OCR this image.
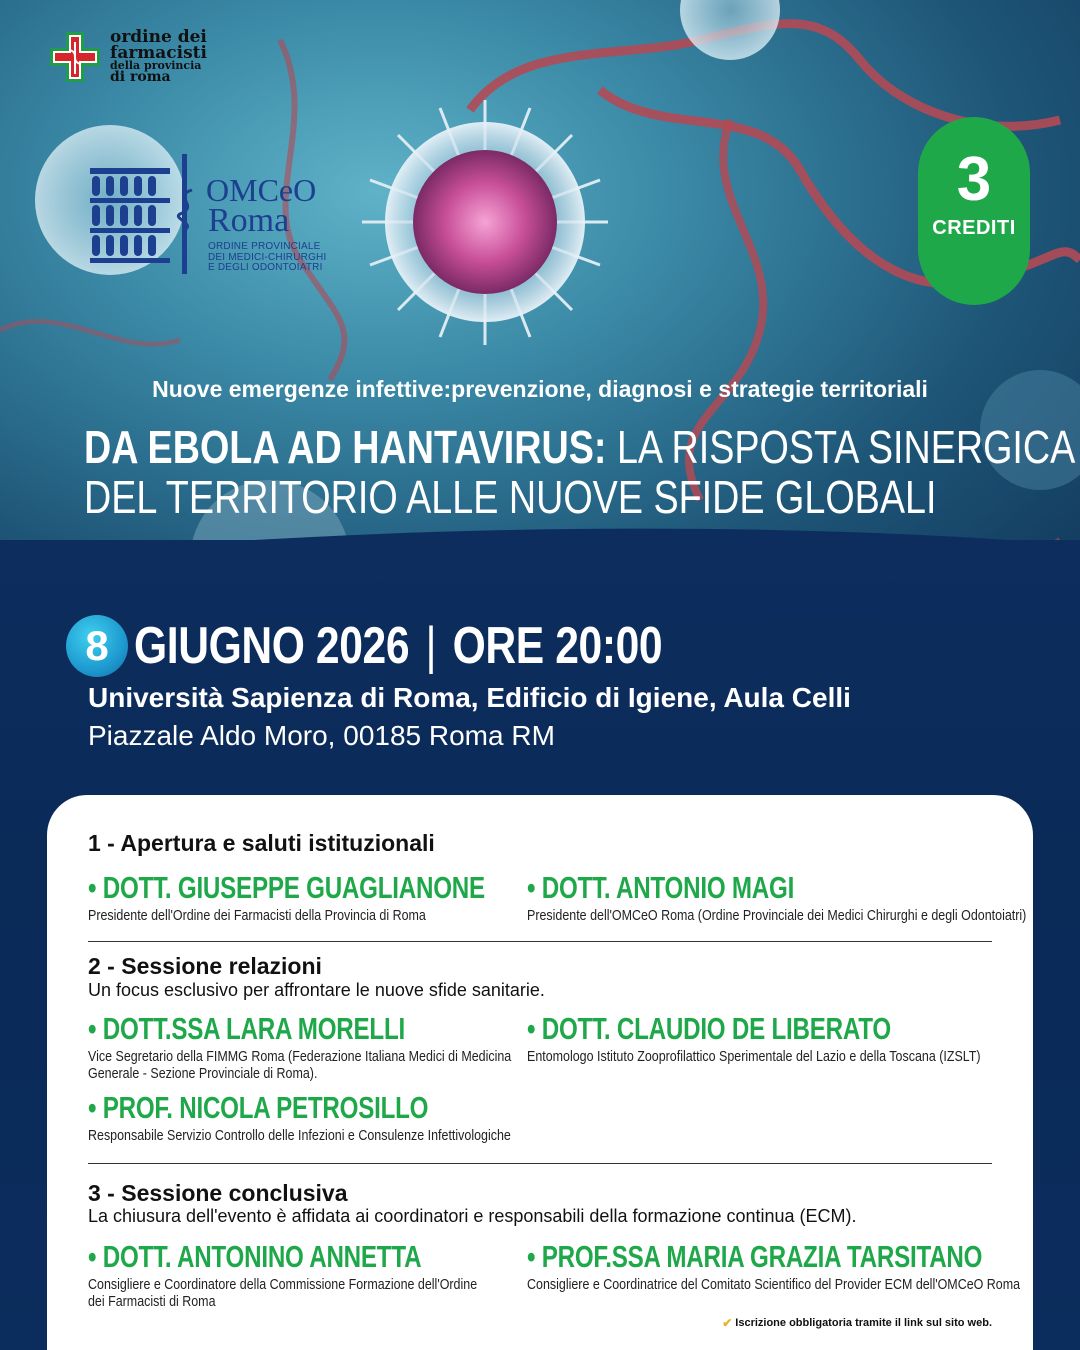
ordine dei
farmacisti
della provincia
di roma
OMCeO
Roma
ORDINE PROVINCIALE
DEI MEDICI-CHIRURGHI
E DEGLI ODONTOIATRI
3
CREDITI
Nuove emergenze infettive:prevenzione, diagnosi e strategie territoriali
DA EBOLA AD HANTAVIRUS: LA RISPOSTA SINERGICA
DEL TERRITORIO ALLE NUOVE SFIDE GLOBALI
8 GIUGNO 2026 | ORE 20:00
Università Sapienza di Roma, Edificio di Igiene, Aula Celli
Piazzale Aldo Moro, 00185 Roma RM
1 - Apertura e saluti istituzionali
• DOTT. GIUSEPPE GUAGLIANONE
Presidente dell'Ordine dei Farmacisti della Provincia di Roma
• DOTT. ANTONIO MAGI
Presidente dell'OMCeO Roma (Ordine Provinciale dei Medici Chirurghi e degli Odontoiatri)
2 - Sessione relazioni
Un focus esclusivo per affrontare le nuove sfide sanitarie.
• DOTT.SSA LARA MORELLI
Vice Segretario della FIMMG Roma (Federazione Italiana Medici di Medicina
Generale - Sezione Provinciale di Roma).
• DOTT. CLAUDIO DE LIBERATO
Entomologo Istituto Zooprofilattico Sperimentale del Lazio e della Toscana (IZSLT)
• PROF. NICOLA PETROSILLO
Responsabile Servizio Controllo delle Infezioni e Consulenze Infettivologiche
3 - Sessione conclusiva
La chiusura dell'evento è affidata ai coordinatori e responsabili della formazione continua (ECM).
• DOTT. ANTONINO ANNETTA
Consigliere e Coordinatore della Commissione Formazione dell'Ordine
dei Farmacisti di Roma
• PROF.SSA MARIA GRAZIA TARSITANO
Consigliere e Coordinatrice del Comitato Scientifico del Provider ECM dell'OMCeO Roma
✔ Iscrizione obbligatoria tramite il link sul sito web.
